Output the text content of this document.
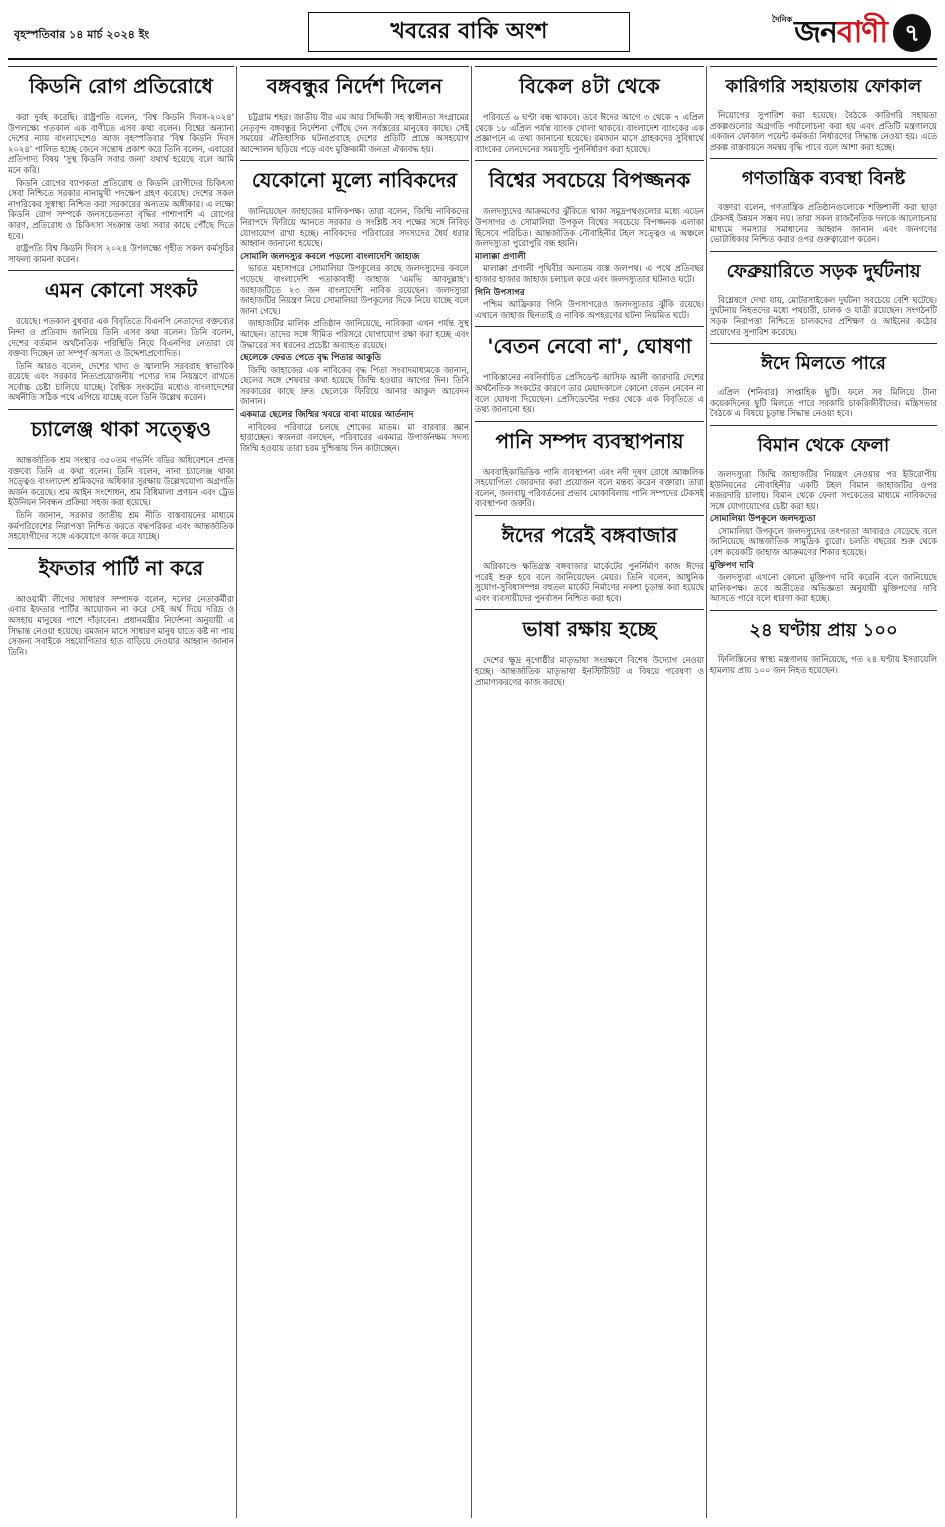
বৃহস্পতিবার ১৪ মার্চ ২০২৪ ইং	খবরের বাকি অংশ	দৈনিক জনবাণী ৭
কিডনি রোগ প্রতিরোধে

করা দুর্বহ করেছি। রাষ্ট্রপতি বলেন, 'বিশ্ব কিডনি দিবস-২০২৪' উপলক্ষ্যে গতকাল এক বাণীতে এসব কথা বলেন। বিশ্বের অন্যান্য দেশের ন্যায় বাংলাদেশেও আজ বৃহস্পতিবার 'বিশ্ব কিডনি দিবস ২০২৪' পালিত হচ্ছে জেনে সন্তোষ প্রকাশ করে তিনি বলেন, এবারের প্রতিপাদ্য বিষয় 'সুস্থ কিডনি সবার জন্য' যথার্থ হয়েছে বলে আমি মনে করি।

কিডনি রোগের ব্যাপকতা প্রতিরোধ ও কিডনি রোগীদের চিকিৎসা সেবা নিশ্চিতে সরকার নানামুখী পদক্ষেপ গ্রহণ করেছে। দেশের সকল নাগরিকের সুস্বাস্থ্য নিশ্চিত করা সরকারের অন্যতম অঙ্গীকার। এ লক্ষ্যে কিডনি রোগ সম্পর্কে জনসচেতনতা বৃদ্ধির পাশাপাশি এ রোগের কারণ, প্রতিরোধ ও চিকিৎসা সংক্রান্ত তথ্য সবার কাছে পৌঁছে দিতে হবে।

রাষ্ট্রপতি বিশ্ব কিডনি দিবস ২০২৪ উপলক্ষ্যে গৃহীত সকল কর্মসূচির সাফল্য কামনা করেন।

এমন কোনো সংকট

রয়েছে। গতকাল বুধবার এক বিবৃতিতে বিএনপি নেতাদের বক্তব্যের নিন্দা ও প্রতিবাদ জানিয়ে তিনি এসব কথা বলেন। তিনি বলেন, দেশের বর্তমান অর্থনৈতিক পরিস্থিতি নিয়ে বিএনপির নেতারা যে বক্তব্য দিচ্ছেন তা সম্পূর্ণ অসত্য ও উদ্দেশ্যপ্রণোদিত।

তিনি আরও বলেন, দেশের খাদ্য ও জ্বালানি সরবরাহ স্বাভাবিক রয়েছে এবং সরকার নিত্যপ্রয়োজনীয় পণ্যের দাম নিয়ন্ত্রণে রাখতে সর্বোচ্চ চেষ্টা চালিয়ে যাচ্ছে। বৈশ্বিক সংকটের মধ্যেও বাংলাদেশের অর্থনীতি সঠিক পথে এগিয়ে যাচ্ছে বলে তিনি উল্লেখ করেন।

চ্যালেঞ্জ থাকা সত্ত্বেও

আন্তর্জাতিক শ্রম সংস্থার ৩৫০তম গভর্নিং বডির অধিবেশনে প্রদত্ত বক্তব্যে তিনি এ কথা বলেন। তিনি বলেন, নানা চ্যালেঞ্জ থাকা সত্ত্বেও বাংলাদেশ শ্রমিকদের অধিকার সুরক্ষায় উল্লেখযোগ্য অগ্রগতি অর্জন করেছে। শ্রম আইন সংশোধন, শ্রম বিধিমালা প্রণয়ন এবং ট্রেড ইউনিয়ন নিবন্ধন প্রক্রিয়া সহজ করা হয়েছে।

তিনি জানান, সরকার জাতীয় শ্রম নীতি বাস্তবায়নের মাধ্যমে কর্মপরিবেশের নিরাপত্তা নিশ্চিত করতে বদ্ধপরিকর এবং আন্তর্জাতিক সহযোগীদের সঙ্গে একযোগে কাজ করে যাচ্ছে।

ইফতার পার্টি না করে

আওয়ামী লীগের সাধারণ সম্পাদক বলেন, দলের নেতাকর্মীরা এবার ইফতার পার্টির আয়োজন না করে সেই অর্থ দিয়ে দরিদ্র ও অসহায় মানুষের পাশে দাঁড়াবেন। প্রধানমন্ত্রীর নির্দেশনা অনুযায়ী এ সিদ্ধান্ত নেওয়া হয়েছে। রমজান মাসে সাধারণ মানুষ যাতে কষ্ট না পায় সেজন্য সবাইকে সহযোগিতার হাত বাড়িয়ে দেওয়ার আহ্বান জানান তিনি।

বঙ্গবন্ধুর নির্দেশ দিলেন

চট্টগ্রাম শহর। জাতীয় বীর এম আর সিদ্দিকী সহ স্বাধীনতা সংগ্রামের নেতৃবৃন্দ বঙ্গবন্ধুর নির্দেশনা পৌঁছে দেন সর্বস্তরের মানুষের কাছে। সেই সময়ের ঐতিহাসিক ঘটনাপ্রবাহে দেশের প্রতিটি প্রান্তে অসহযোগ আন্দোলন ছড়িয়ে পড়ে এবং মুক্তিকামী জনতা ঐক্যবদ্ধ হয়।

যেকোনো মূল্যে নাবিকদের

জানিয়েছেন জাহাজের মালিকপক্ষ। তারা বলেন, জিম্মি নাবিকদের নিরাপদে ফিরিয়ে আনতে সরকার ও সংশ্লিষ্ট সব পক্ষের সঙ্গে নিবিড় যোগাযোগ রাখা হচ্ছে। নাবিকদের পরিবারের সদস্যদের ধৈর্য ধরার আহ্বান জানানো হয়েছে।

সোমালি জলদস্যুর কবলে পড়লো বাংলাদেশি জাহাজ

ভারত মহাসাগরে সোমালিয়া উপকূলের কাছে জলদস্যুদের কবলে পড়েছে বাংলাদেশি পতাকাবাহী জাহাজ 'এমভি আবদুল্লাহ'। জাহাজটিতে ২৩ জন বাংলাদেশি নাবিক রয়েছেন। জলদস্যুরা জাহাজটির নিয়ন্ত্রণ নিয়ে সোমালিয়া উপকূলের দিকে নিয়ে যাচ্ছে বলে জানা গেছে।

জাহাজটির মালিক প্রতিষ্ঠান জানিয়েছে, নাবিকরা এখন পর্যন্ত সুস্থ আছেন। তাদের সঙ্গে সীমিত পরিসরে যোগাযোগ রক্ষা করা হচ্ছে এবং উদ্ধারের সব ধরনের প্রচেষ্টা অব্যাহত রয়েছে।

ছেলেকে ফেরত পেতে বৃদ্ধ পিতার আকুতি

জিম্মি জাহাজের এক নাবিকের বৃদ্ধ পিতা সংবাদমাধ্যমকে জানান, ছেলের সঙ্গে শেষবার কথা হয়েছে জিম্মি হওয়ার আগের দিন। তিনি সরকারের কাছে দ্রুত ছেলেকে ফিরিয়ে আনার আকুল আবেদন জানান।

একমাত্র ছেলের জিম্মির খবরে বাবা মায়ের আর্তনাদ

নাবিকের পরিবারে চলছে শোকের মাতম। মা বারবার জ্ঞান হারাচ্ছেন। স্বজনরা বলছেন, পরিবারের একমাত্র উপার্জনক্ষম সদস্য জিম্মি হওয়ায় তারা চরম দুশ্চিন্তায় দিন কাটাচ্ছেন।

বিকেল ৪টা থেকে

পরিবর্তে ৬ ঘণ্টা বন্ধ থাকবে। তবে ঈদের আগে ৩ থেকে ৭ এপ্রিল থেকে ১৮ এপ্রিল পর্যন্ত ব্যাংক খোলা থাকবে। বাংলাদেশ ব্যাংকের এক প্রজ্ঞাপনে এ তথ্য জানানো হয়েছে। রমজান মাসে গ্রাহকদের সুবিধার্থে ব্যাংকের লেনদেনের সময়সূচি পুনর্নির্ধারণ করা হয়েছে।

বিশ্বের সবচেয়ে বিপজ্জনক

জলদস্যুদের আক্রমণের ঝুঁকিতে থাকা সমুদ্রপথগুলোর মধ্যে এডেন উপসাগর ও সোমালিয়া উপকূল বিশ্বের সবচেয়ে বিপজ্জনক এলাকা হিসেবে পরিচিত। আন্তর্জাতিক নৌবাহিনীর টহল সত্ত্বেও এ অঞ্চলে জলদস্যুতা পুরোপুরি বন্ধ হয়নি।

মালাক্কা প্রণালী

মালাক্কা প্রণালী পৃথিবীর অন্যতম ব্যস্ত জলপথ। এ পথে প্রতিবছর হাজার হাজার জাহাজ চলাচল করে এবং জলদস্যুতার ঘটনাও ঘটে।

গিনি উপসাগর

পশ্চিম আফ্রিকার গিনি উপসাগরেও জলদস্যুতার ঝুঁকি রয়েছে। এখানে জাহাজ ছিনতাই ও নাবিক অপহরণের ঘটনা নিয়মিত ঘটে।

'বেতন নেবো না', ঘোষণা

পাকিস্তানের নবনির্বাচিত প্রেসিডেন্ট আসিফ আলী জারদারি দেশের অর্থনৈতিক সংকটের কারণে তার মেয়াদকালে কোনো বেতন নেবেন না বলে ঘোষণা দিয়েছেন। প্রেসিডেন্টের দপ্তর থেকে এক বিবৃতিতে এ তথ্য জানানো হয়।

পানি সম্পদ ব্যবস্থাপনায়

অববাহিকাভিত্তিক পানি ব্যবস্থাপনা এবং নদী দূষণ রোধে আঞ্চলিক সহযোগিতা জোরদার করা প্রয়োজন বলে মন্তব্য করেন বক্তারা। তারা বলেন, জলবায়ু পরিবর্তনের প্রভাব মোকাবিলায় পানি সম্পদের টেকসই ব্যবস্থাপনা জরুরি।

ঈদের পরেই বঙ্গবাজার

অগ্নিকাণ্ডে ক্ষতিগ্রস্ত বঙ্গবাজার মার্কেটের পুনর্নির্মাণ কাজ ঈদের পরেই শুরু হবে বলে জানিয়েছেন মেয়র। তিনি বলেন, আধুনিক সুযোগ-সুবিধাসম্পন্ন বহুতল মার্কেট নির্মাণের নকশা চূড়ান্ত করা হয়েছে এবং ব্যবসায়ীদের পুনর্বাসন নিশ্চিত করা হবে।

ভাষা রক্ষায় হচ্ছে

দেশের ক্ষুদ্র নৃগোষ্ঠীর মাতৃভাষা সংরক্ষণে বিশেষ উদ্যোগ নেওয়া হচ্ছে। আন্তর্জাতিক মাতৃভাষা ইনস্টিটিউট এ বিষয়ে গবেষণা ও প্রামাণ্যকরণের কাজ করছে।

কারিগরি সহায়তায় ফোকাল

নিয়োগের সুপারিশ করা হয়েছে। বৈঠকে কারিগরি সহায়তা প্রকল্পগুলোর অগ্রগতি পর্যালোচনা করা হয় এবং প্রতিটি মন্ত্রণালয়ে একজন ফোকাল পয়েন্ট কর্মকর্তা নির্ধারণের সিদ্ধান্ত নেওয়া হয়। এতে প্রকল্প বাস্তবায়নে সমন্বয় বৃদ্ধি পাবে বলে আশা করা হচ্ছে।

গণতান্ত্রিক ব্যবস্থা বিনষ্ট

বক্তারা বলেন, গণতান্ত্রিক প্রতিষ্ঠানগুলোকে শক্তিশালী করা ছাড়া টেকসই উন্নয়ন সম্ভব নয়। তারা সকল রাজনৈতিক দলকে আলোচনার মাধ্যমে সমস্যার সমাধানের আহ্বান জানান এবং জনগণের ভোটাধিকার নিশ্চিত করার ওপর গুরুত্বারোপ করেন।

ফেব্রুয়ারিতে সড়ক দুর্ঘটনায়

বিশ্লেষণে দেখা যায়, মোটরসাইকেল দুর্ঘটনা সবচেয়ে বেশি ঘটেছে। দুর্ঘটনায় নিহতদের মধ্যে পথচারী, চালক ও যাত্রী রয়েছেন। সংগঠনটি সড়ক নিরাপত্তা নিশ্চিতে চালকদের প্রশিক্ষণ ও আইনের কঠোর প্রয়োগের সুপারিশ করেছে।

ঈদে মিলতে পারে

এপ্রিল (শনিবার) সাপ্তাহিক ছুটি। ফলে সব মিলিয়ে টানা কয়েকদিনের ছুটি মিলতে পারে সরকারি চাকরিজীবীদের। মন্ত্রিসভার বৈঠকে এ বিষয়ে চূড়ান্ত সিদ্ধান্ত নেওয়া হবে।

বিমান থেকে ফেলা

জলদস্যুরা জিম্মি জাহাজটির নিয়ন্ত্রণ নেওয়ার পর ইউরোপীয় ইউনিয়নের নৌবাহিনীর একটি টহল বিমান জাহাজটির ওপর নজরদারি চালায়। বিমান থেকে ফেলা সংকেতের মাধ্যমে নাবিকদের সঙ্গে যোগাযোগের চেষ্টা করা হয়।

সোমালিয়া উপকূলে জলদস্যুতা

সোমালিয়া উপকূলে জলদস্যুদের তৎপরতা আবারও বেড়েছে বলে জানিয়েছে আন্তর্জাতিক সামুদ্রিক ব্যুরো। চলতি বছরের শুরু থেকে বেশ কয়েকটি জাহাজ আক্রমণের শিকার হয়েছে।

মুক্তিপণ দাবি

জলদস্যুরা এখনো কোনো মুক্তিপণ দাবি করেনি বলে জানিয়েছে মালিকপক্ষ। তবে অতীতের অভিজ্ঞতা অনুযায়ী মুক্তিপণের দাবি আসতে পারে বলে ধারণা করা হচ্ছে।

২৪ ঘণ্টায় প্রায় ১০০

ফিলিস্তিনের স্বাস্থ্য মন্ত্রণালয় জানিয়েছে, গত ২৪ ঘণ্টায় ইসরায়েলি হামলায় প্রায় ১০০ জন নিহত হয়েছেন।
